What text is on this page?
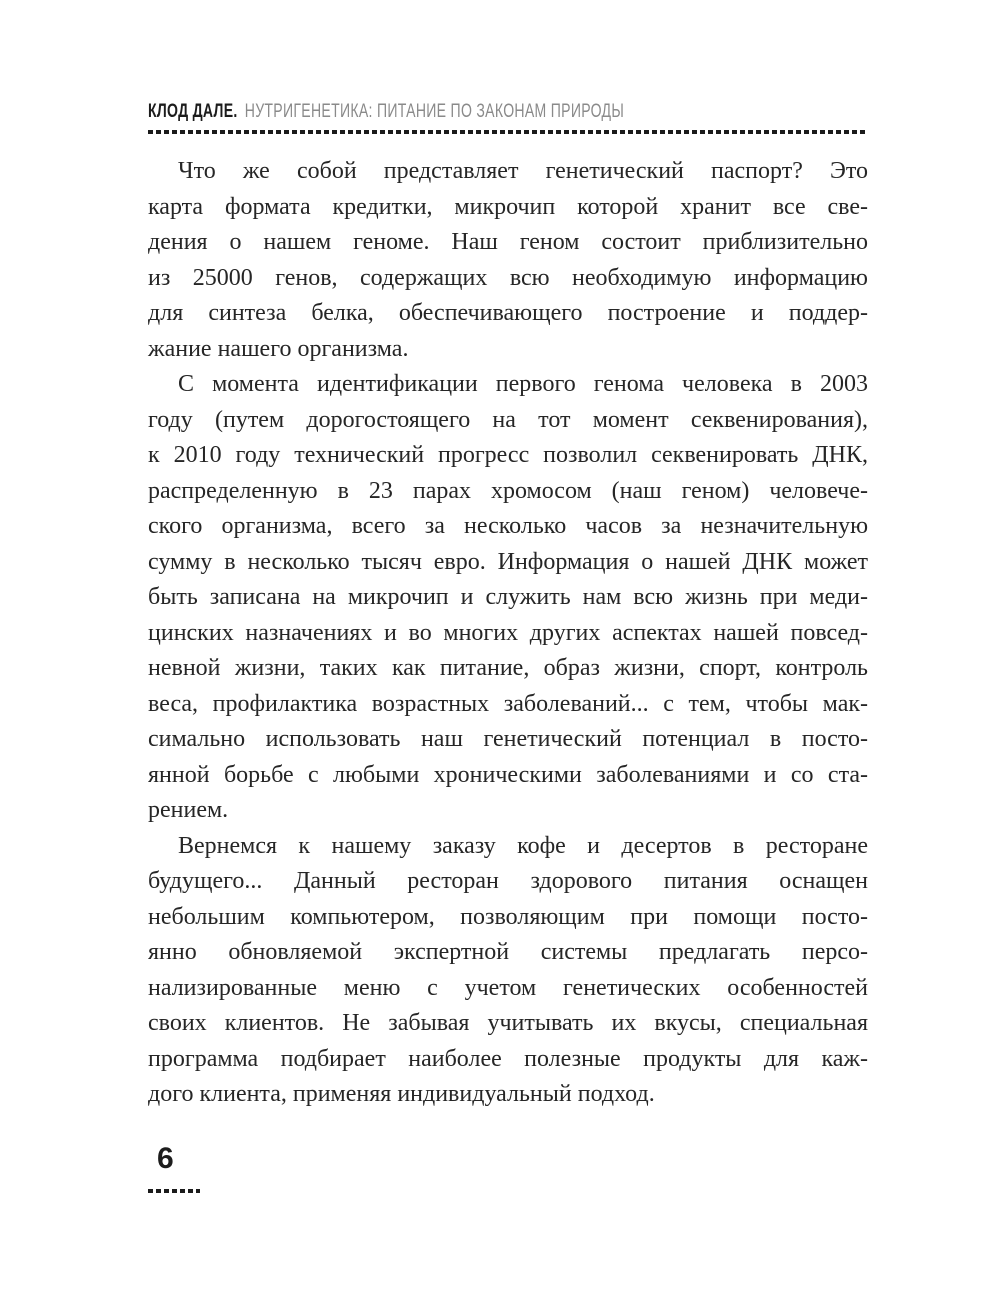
КЛОД ДАЛЕ. НУТРИГЕНЕТИКА: ПИТАНИЕ ПО ЗАКОНАМ ПРИРОДЫ
Что же собой представляет генетический паспорт? Это
карта формата кредитки, микрочип которой хранит все све-
дения о нашем геноме. Наш геном состоит приблизительно
из 25000 генов, содержащих всю необходимую информацию
для синтеза белка, обеспечивающего построение и поддер-
жание нашего организма.
С момента идентификации первого генома человека в 2003
году (путем дорогостоящего на тот момент секвенирования),
к 2010 году технический прогресс позволил секвенировать ДНК,
распределенную в 23 парах хромосом (наш геном) человече-
ского организма, всего за несколько часов за незначительную
сумму в несколько тысяч евро. Информация о нашей ДНК может
быть записана на микрочип и служить нам всю жизнь при меди-
цинских назначениях и во многих других аспектах нашей повсед-
невной жизни, таких как питание, образ жизни, спорт, контроль
веса, профилактика возрастных заболеваний... с тем, чтобы мак-
симально использовать наш генетический потенциал в посто-
янной борьбе с любыми хроническими заболеваниями и со ста-
рением.
Вернемся к нашему заказу кофе и десертов в ресторане
будущего... Данный ресторан здорового питания оснащен
небольшим компьютером, позволяющим при помощи посто-
янно обновляемой экспертной системы предлагать персо-
нализированные меню с учетом генетических особенностей
своих клиентов. Не забывая учитывать их вкусы, специальная
программа подбирает наиболее полезные продукты для каж-
дого клиента, применяя индивидуальный подход.
6
